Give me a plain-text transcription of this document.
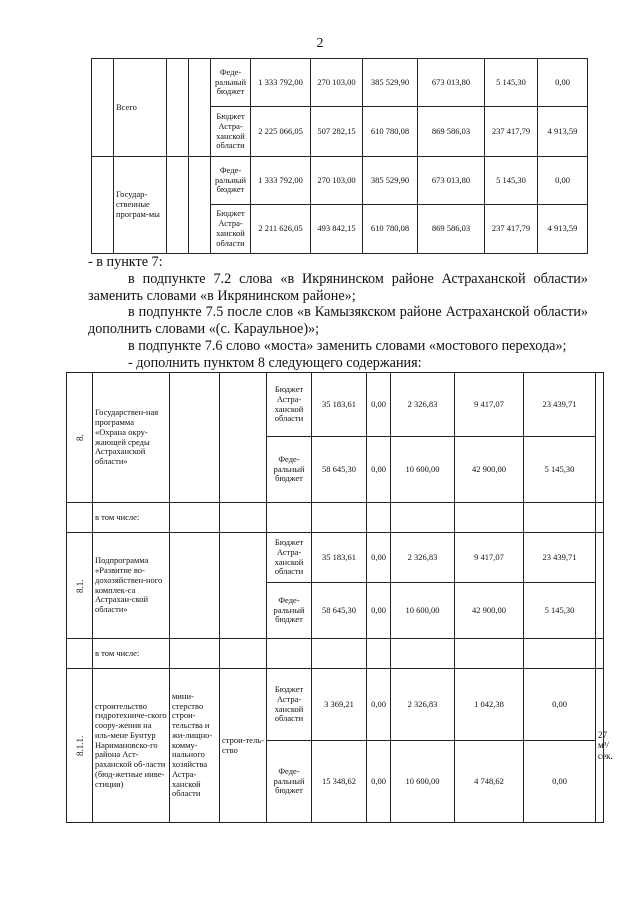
2
	Всего			Феде-ральный бюджет	1 333 792,00	270 103,00	385 529,90	673 013,80	5 145,30	0,00
				Бюджет Астра-ханской области	2 225 066,05	507 282,15	610 780,08	869 586,03	237 417,79	4 913,59
	Государ-ственные програм-мы			Феде-ральный бюджет	1 333 792,00	270 103,00	385 529,90	673 013,80	5 145,30	0,00
				Бюджет Астра-ханской области	2 211 626,05	493 842,15	610 780,08	869 586,03	237 417,79	4 913,59

- в пункте 7:

в подпункте 7.2 слова «в Икрянинском районе Астраханской области» заменить словами «в Икрянинском районе»;

в подпункте 7.5 после слов «в Камызякском районе Астраханской области» дополнить словами «(с. Караульное)»;

в подпункте 7.6 слово «моста» заменить словами «мостового перехода»;

- дополнить пунктом 8 следующего содержания:

8.	Государствен-ная программа «Охрана окру-жающей среды Астраханской области»			Бюджет Астра-ханской области	35 183,61	0,00	2 326,83	9 417,07	23 439,71	
				Феде-ральный бюджет	58 645,30	0,00	10 600,00	42 900,00	5 145,30	
	в том числе:									
8.1.	Подпрограмма «Развитие во-дохозяйствен-ного комплек-са Астрахан-ской области»			Бюджет Астра-ханской области	35 183,61	0,00	2 326,83	9 417,07	23 439,71	
				Феде-ральный бюджет	58 645,30	0,00	10 600,00	42 900,00	5 145,30	
	в том числе:									
8.1.1.	строительство гидротехниче-ского соору-жения на иль-мене Бунтур Наримановско-го района Аст-раханской об-ласти (бюд-жетные инве-стиции)	мини-стерство строи-тельства и жи-лищно-комму-нального хозяйства Астра-ханской области	строи-тель-ство	Бюджет Астра-ханской области	3 369,21	0,00	2 326,83	1 042,38	0,00	27 м³/сек.
				Феде-ральный бюджет	15 348,62	0,00	10 600,00	4 748,62	0,00	
